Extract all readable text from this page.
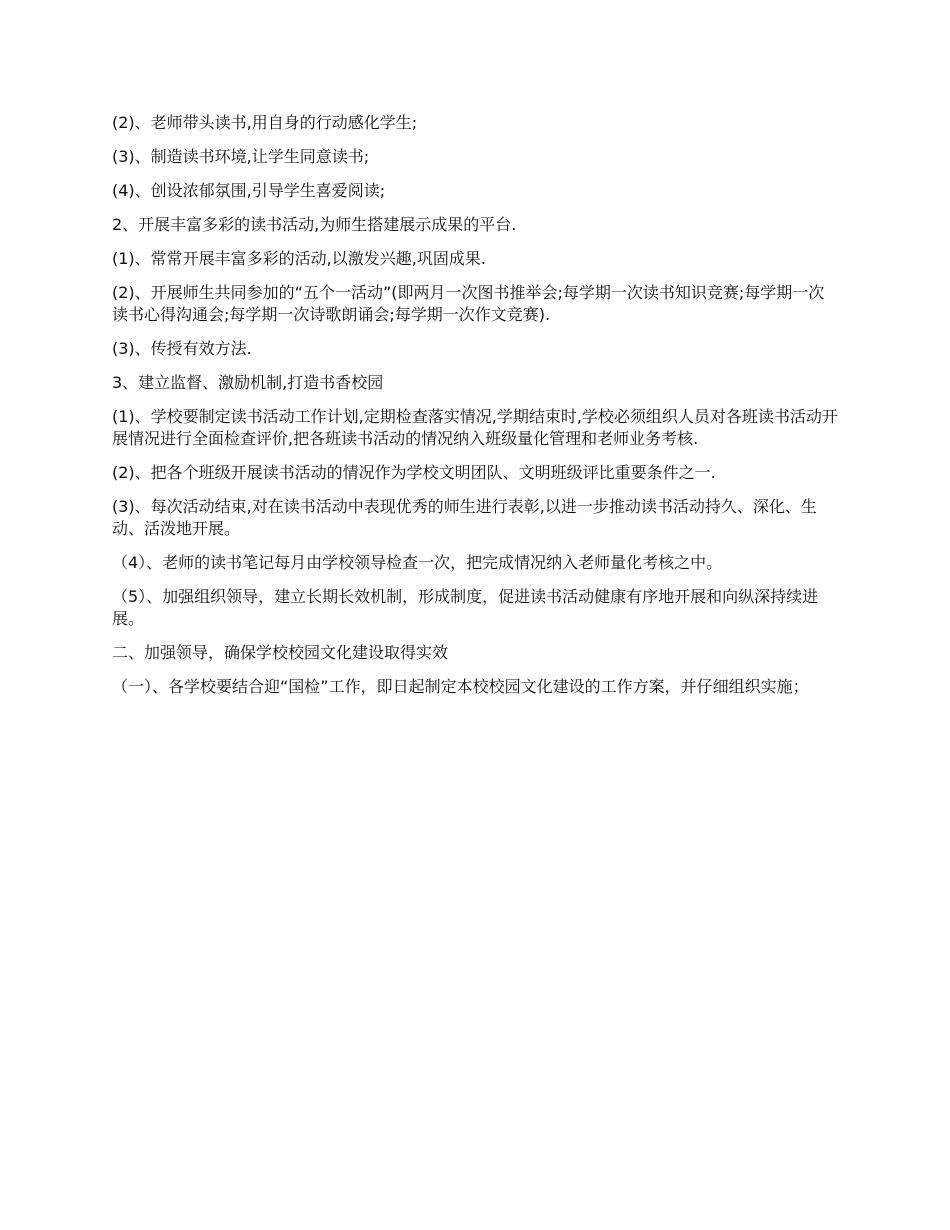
(2)、老师带头读书,用自身的行动感化学生;

(3)、制造读书环境,让学生同意读书;

(4)、创设浓郁氛围,引导学生喜爱阅读;

2、开展丰富多彩的读书活动,为师生搭建展示成果的平台.

(1)、常常开展丰富多彩的活动,以激发兴趣,巩固成果.

(2)、开展师生共同参加的“五个一活动”(即两月一次图书推举会;每学期一次读书知识竞赛;每学期一次读书心得沟通会;每学期一次诗歌朗诵会;每学期一次作文竞赛).

(3)、传授有效方法.

3、建立监督、激励机制,打造书香校园

(1)、学校要制定读书活动工作计划,定期检查落实情况,学期结束时,学校必须组织人员对各班读书活动开展情况进行全面检查评价,把各班读书活动的情况纳入班级量化管理和老师业务考核.

(2)、把各个班级开展读书活动的情况作为学校文明团队、文明班级评比重要条件之一.

(3)、每次活动结束,对在读书活动中表现优秀的师生进行表彰,以进一步推动读书活动持久、深化、生动、活泼地开展。

（4）、老师的读书笔记每月由学校领导检查一次，把完成情况纳入老师量化考核之中。

（5）、加强组织领导，建立长期长效机制，形成制度，促进读书活动健康有序地开展和向纵深持续进展。

二、加强领导，确保学校校园文化建设取得实效

（一）、各学校要结合迎“国检”工作，即日起制定本校校园文化建设的工作方案，并仔细组织实施；
